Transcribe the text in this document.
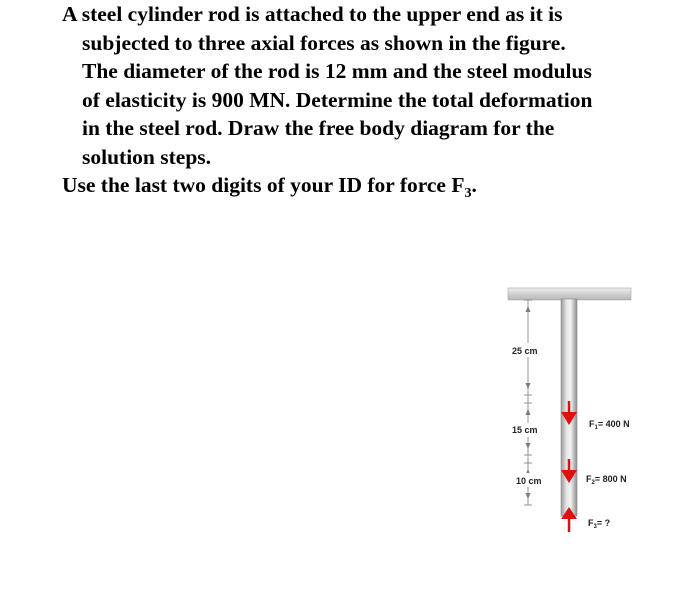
A steel cylinder rod is attached to the upper end as it is
subjected to three axial forces as shown in the figure.
The diameter of the rod is 12 mm and the steel modulus
of elasticity is 900 MN. Determine the total deformation
in the steel rod. Draw the free body diagram for the
solution steps.
Use the last two digits of your ID for force $F_3$.
25 cm
15 cm
10 cm
$F_1= 400$ N
$F_2= 800$ N
$F_3=$ ?
